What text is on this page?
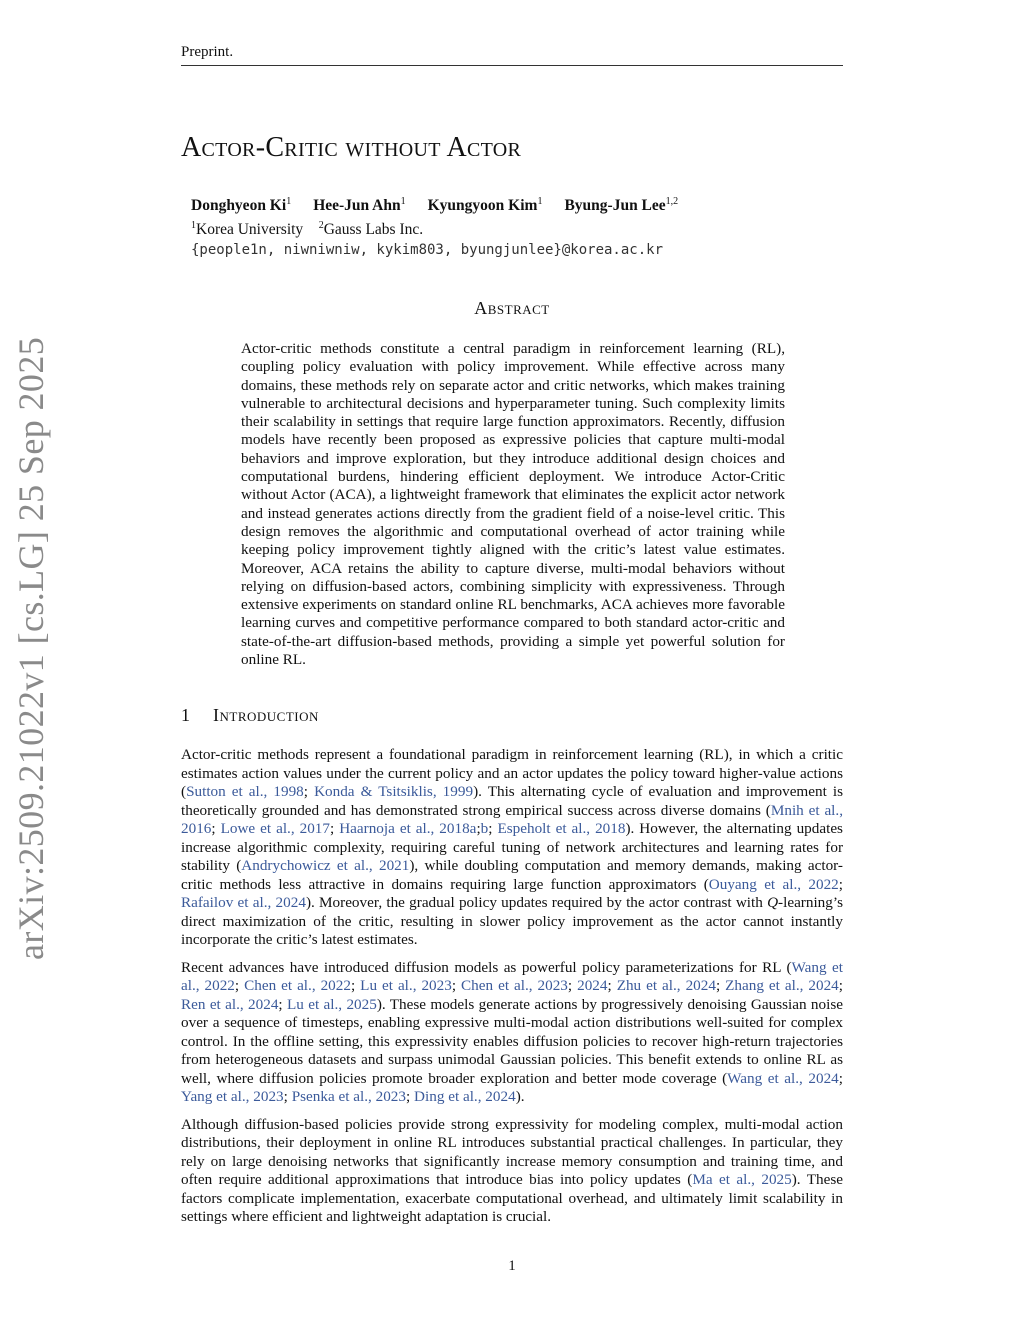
Preprint.
Actor-Critic without Actor
Donghyeon Ki$^1$ Hee-Jun Ahn$^1$ Kyungyoon Kim$^1$ Byung-Jun Lee$^{1,2}$
$^1$Korea University $^2$Gauss Labs Inc.
{people1n, niwniwniw, kykim803, byungjunlee}@korea.ac.kr
Abstract
Actor-critic methods constitute a central paradigm in reinforcement learning (RL), coupling policy evaluation with policy improvement. While effective across many domains, these methods rely on separate actor and critic networks, which makes training vulnerable to architectural decisions and hyperparameter tuning. Such complexity limits their scalability in settings that require large function approximators. Recently, diffusion models have recently been proposed as expressive policies that capture multi-modal behaviors and improve exploration, but they introduce additional design choices and computational burdens, hindering efficient deployment. We introduce Actor-Critic without Actor (ACA), a lightweight framework that eliminates the explicit actor network and instead generates actions directly from the gradient field of a noise-level critic. This design removes the algorithmic and computational overhead of actor training while keeping policy improvement tightly aligned with the critic’s latest value estimates. Moreover, ACA retains the ability to capture diverse, multi-modal behaviors without relying on diffusion-based actors, combining simplicity with expressiveness. Through extensive experiments on standard online RL benchmarks, ACA achieves more favorable learning curves and competitive performance compared to both standard actor-critic and state-of-the-art diffusion-based methods, providing a simple yet powerful solution for online RL.
arXiv:2509.21022v1 [cs.LG] 25 Sep 2025	1 Introduction

Actor-critic methods represent a foundational paradigm in reinforcement learning (RL), in which a critic estimates action values under the current policy and an actor updates the policy toward higher-value actions (Sutton et al., 1998; Konda & Tsitsiklis, 1999). This alternating cycle of evaluation and improvement is theoretically grounded and has demonstrated strong empirical success across diverse domains (Mnih et al., 2016; Lowe et al., 2017; Haarnoja et al., 2018a;b; Espeholt et al., 2018). However, the alternating updates increase algorithmic complexity, requiring careful tuning of network architectures and learning rates for stability (Andrychowicz et al., 2021), while doubling computation and memory demands, making actor-critic methods less attractive in domains requiring large function approximators (Ouyang et al., 2022; Rafailov et al., 2024). Moreover, the gradual policy updates required by the actor contrast with Q-learning’s direct maximization of the critic, resulting in slower policy improvement as the actor cannot instantly incorporate the critic’s latest estimates.

Recent advances have introduced diffusion models as powerful policy parameterizations for RL (Wang et al., 2022; Chen et al., 2022; Lu et al., 2023; Chen et al., 2023; 2024; Zhu et al., 2024; Zhang et al., 2024; Ren et al., 2024; Lu et al., 2025). These models generate actions by progressively denoising Gaussian noise over a sequence of timesteps, enabling expressive multi-modal action distributions well-suited for complex control. In the offline setting, this expressivity enables diffusion policies to recover high-return trajectories from heterogeneous datasets and surpass unimodal Gaussian policies. This benefit extends to online RL as well, where diffusion policies promote broader exploration and better mode coverage (Wang et al., 2024; Yang et al., 2023; Psenka et al., 2023; Ding et al., 2024).

Although diffusion-based policies provide strong expressivity for modeling complex, multi-modal action distributions, their deployment in online RL introduces substantial practical challenges. In particular, they rely on large denoising networks that significantly increase memory consumption and training time, and often require additional approximations that introduce bias into policy updates (Ma et al., 2025). These factors complicate implementation, exacerbate computational overhead, and ultimately limit scalability in settings where efficient and lightweight adaptation is crucial.

1
